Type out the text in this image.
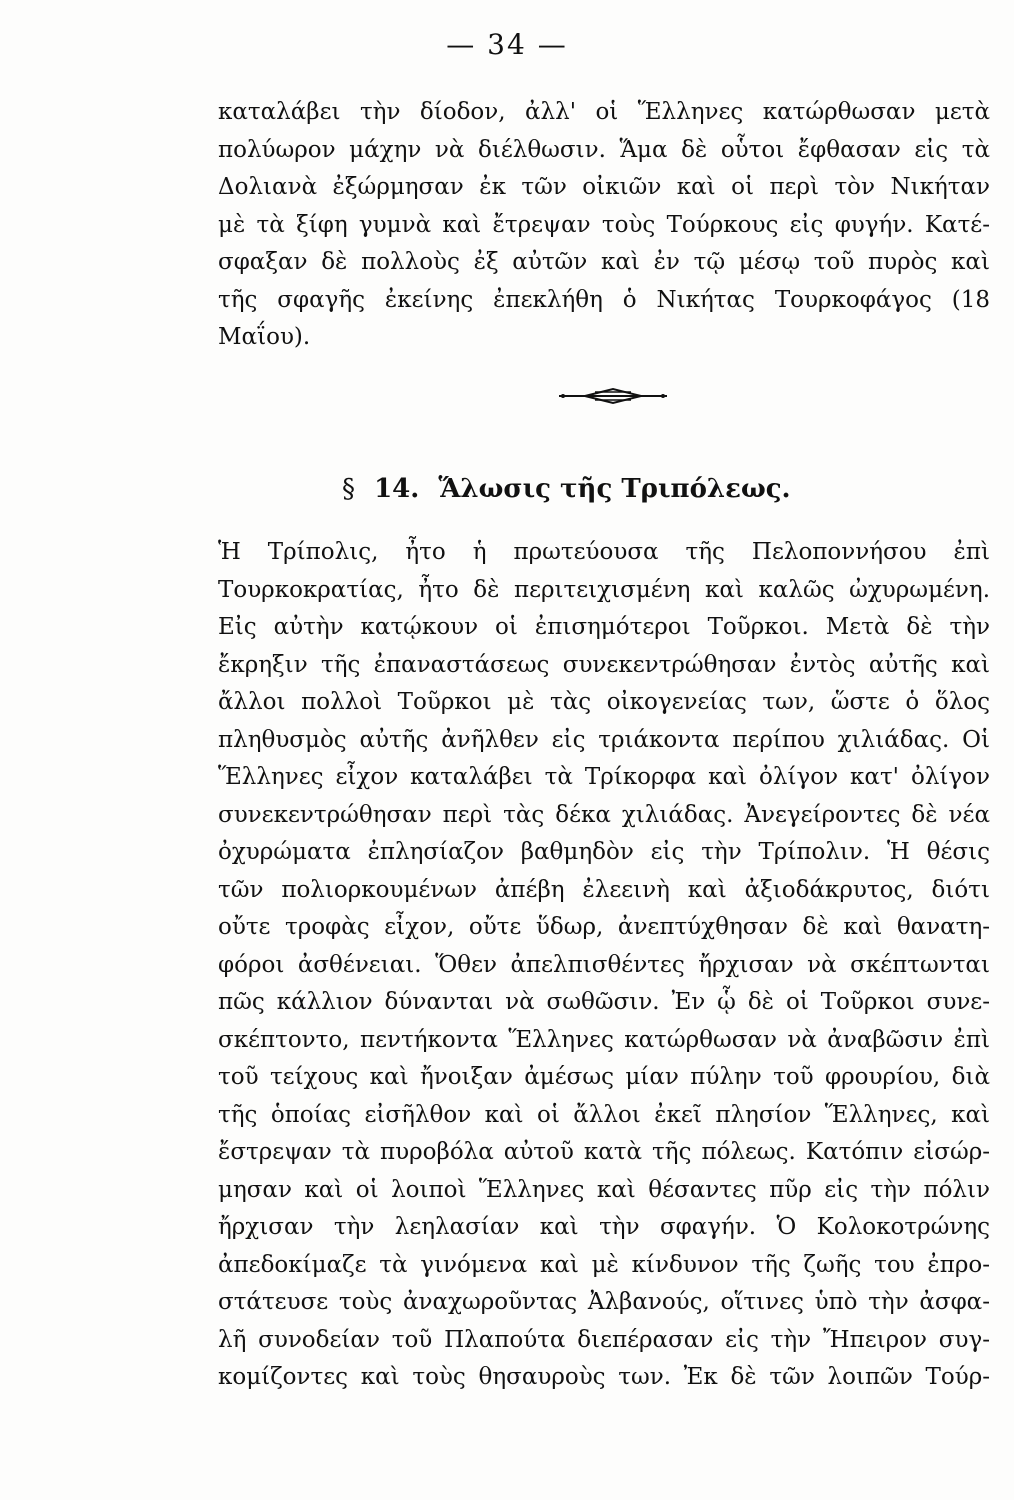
— 34 —
καταλάβει τὴν δίοδον, ἀλλ' οἱ Ἕλληνες κατώρθωσαν μετὰ
πολύωρον μάχην νὰ διέλθωσιν. Ἅμα δὲ οὗτοι ἔφθασαν εἰς τὰ
Δολιανὰ ἐξώρμησαν ἐκ τῶν οἰκιῶν καὶ οἱ περὶ τὸν Νικήταν
μὲ τὰ ξίφη γυμνὰ καὶ ἔτρεψαν τοὺς Τούρκους εἰς φυγήν. Κατέ-
σφαξαν δὲ πολλοὺς ἐξ αὐτῶν καὶ ἐν τῷ μέσῳ τοῦ πυρὸς καὶ
τῆς σφαγῆς ἐκείνης ἐπεκλήθη ὁ Νικήτας Τουρκοφάγος (18
Μαΐου).
§ 14. Ἅλωσις τῆς Τριπόλεως.
Ἡ Τρίπολις, ἦτο ἡ πρωτεύουσα τῆς Πελοποννήσου ἐπὶ
Τουρκοκρατίας, ἦτο δὲ περιτειχισμένη καὶ καλῶς ὠχυρωμένη.
Εἰς αὐτὴν κατῴκουν οἱ ἐπισημότεροι Τοῦρκοι. Μετὰ δὲ τὴν
ἔκρηξιν τῆς ἐπαναστάσεως συνεκεντρώθησαν ἐντὸς αὐτῆς καὶ
ἄλλοι πολλοὶ Τοῦρκοι μὲ τὰς οἰκογενείας των, ὥστε ὁ ὅλος
πληθυσμὸς αὐτῆς ἀνῆλθεν εἰς τριάκοντα περίπου χιλιάδας. Οἱ
Ἕλληνες εἶχον καταλάβει τὰ Τρίκορφα καὶ ὀλίγον κατ' ὀλίγον
συνεκεντρώθησαν περὶ τὰς δέκα χιλιάδας. Ἀνεγείροντες δὲ νέα
ὀχυρώματα ἐπλησίαζον βαθμηδὸν εἰς τὴν Τρίπολιν. Ἡ θέσις
τῶν πολιορκουμένων ἀπέβη ἐλεεινὴ καὶ ἀξιοδάκρυτος, διότι
οὔτε τροφὰς εἶχον, οὔτε ὕδωρ, ἀνεπτύχθησαν δὲ καὶ θανατη-
φόροι ἀσθένειαι. Ὅθεν ἀπελπισθέντες ἤρχισαν νὰ σκέπτωνται
πῶς κάλλιον δύνανται νὰ σωθῶσιν. Ἐν ᾧ δὲ οἱ Τοῦρκοι συνε-
σκέπτοντο, πεντήκοντα Ἕλληνες κατώρθωσαν νὰ ἀναβῶσιν ἐπὶ
τοῦ τείχους καὶ ἤνοιξαν ἀμέσως μίαν πύλην τοῦ φρουρίου, διὰ
τῆς ὁποίας εἰσῆλθον καὶ οἱ ἄλλοι ἐκεῖ πλησίον Ἕλληνες, καὶ
ἔστρεψαν τὰ πυροβόλα αὐτοῦ κατὰ τῆς πόλεως. Κατόπιν εἰσώρ-
μησαν καὶ οἱ λοιποὶ Ἕλληνες καὶ θέσαντες πῦρ εἰς τὴν πόλιν
ἤρχισαν τὴν λεηλασίαν καὶ τὴν σφαγήν. Ὁ Κολοκοτρώνης
ἀπεδοκίμαζε τὰ γινόμενα καὶ μὲ κίνδυνον τῆς ζωῆς του ἐπρο-
στάτευσε τοὺς ἀναχωροῦντας Ἀλβανούς, οἵτινες ὑπὸ τὴν ἀσφα-
λῆ συνοδείαν τοῦ Πλαπούτα διεπέρασαν εἰς τὴν Ἤπειρον συγ-
κομίζοντες καὶ τοὺς θησαυροὺς των. Ἐκ δὲ τῶν λοιπῶν Τούρ-
